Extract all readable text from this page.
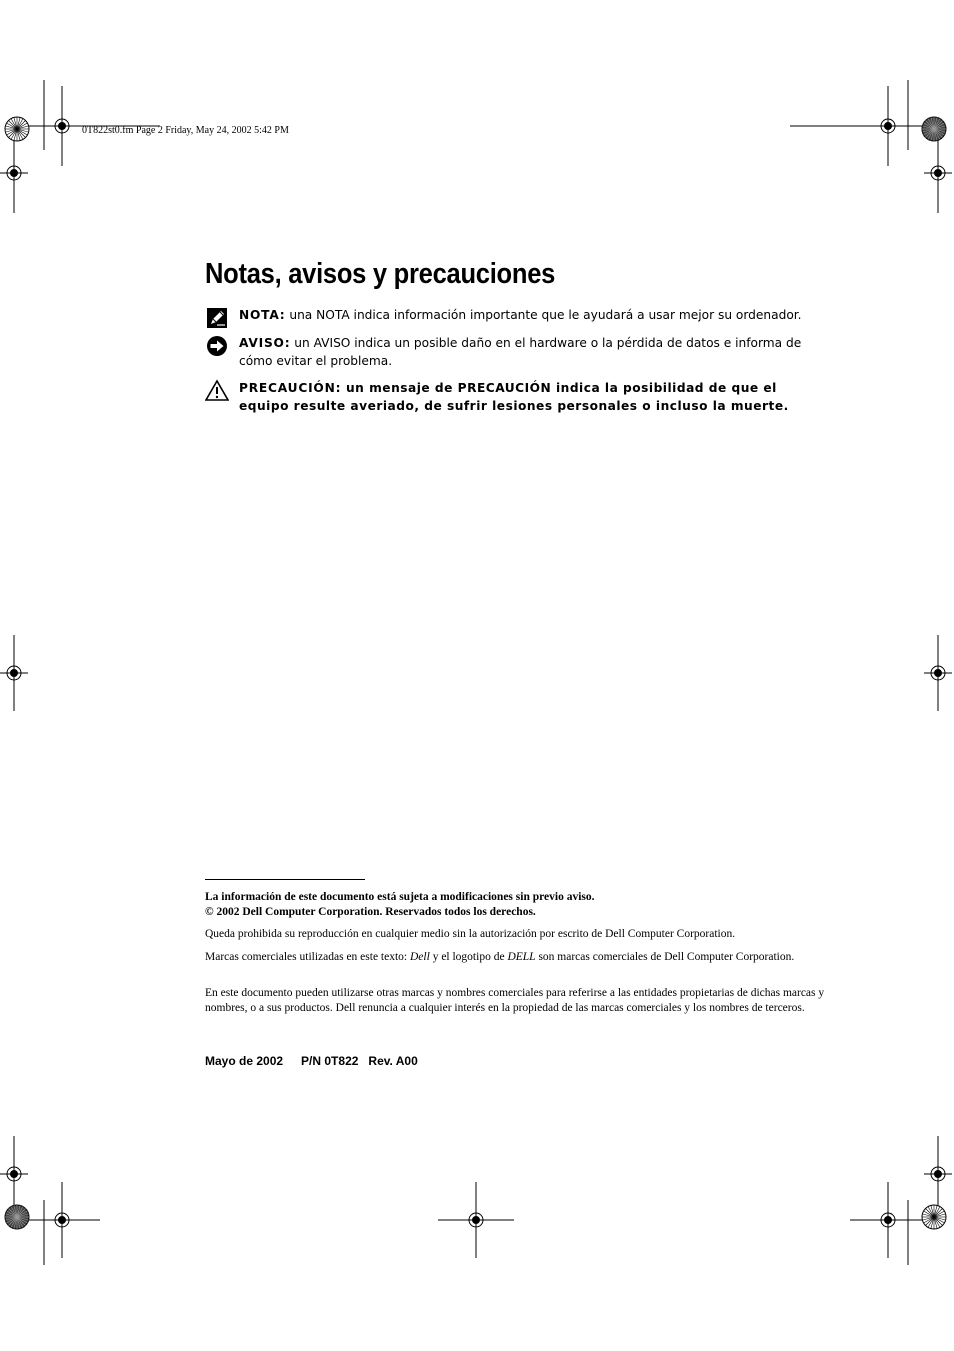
0T822st0.fm Page 2 Friday, May 24, 2002 5:42 PM
Notas, avisos y precauciones
NOTA: una NOTA indica información importante que le ayudará a usar mejor su ordenador.
AVISO: un AVISO indica un posible daño en el hardware o la pérdida de datos e informa de cómo evitar el problema.
PRECAUCIÓN: un mensaje de PRECAUCIÓN indica la posibilidad de que el equipo resulte averiado, de sufrir lesiones personales o incluso la muerte.
La información de este documento está sujeta a modificaciones sin previo aviso.
© 2002 Dell Computer Corporation. Reservados todos los derechos.
Queda prohibida su reproducción en cualquier medio sin la autorización por escrito de Dell Computer Corporation.
Marcas comerciales utilizadas en este texto: Dell y el logotipo de DELL son marcas comerciales de Dell Computer Corporation.
En este documento pueden utilizarse otras marcas y nombres comerciales para referirse a las entidades propietarias de dichas marcas y nombres, o a sus productos. Dell renuncia a cualquier interés en la propiedad de las marcas comerciales y los nombres de terceros.
Mayo de 2002 P/N 0T822 Rev. A00
